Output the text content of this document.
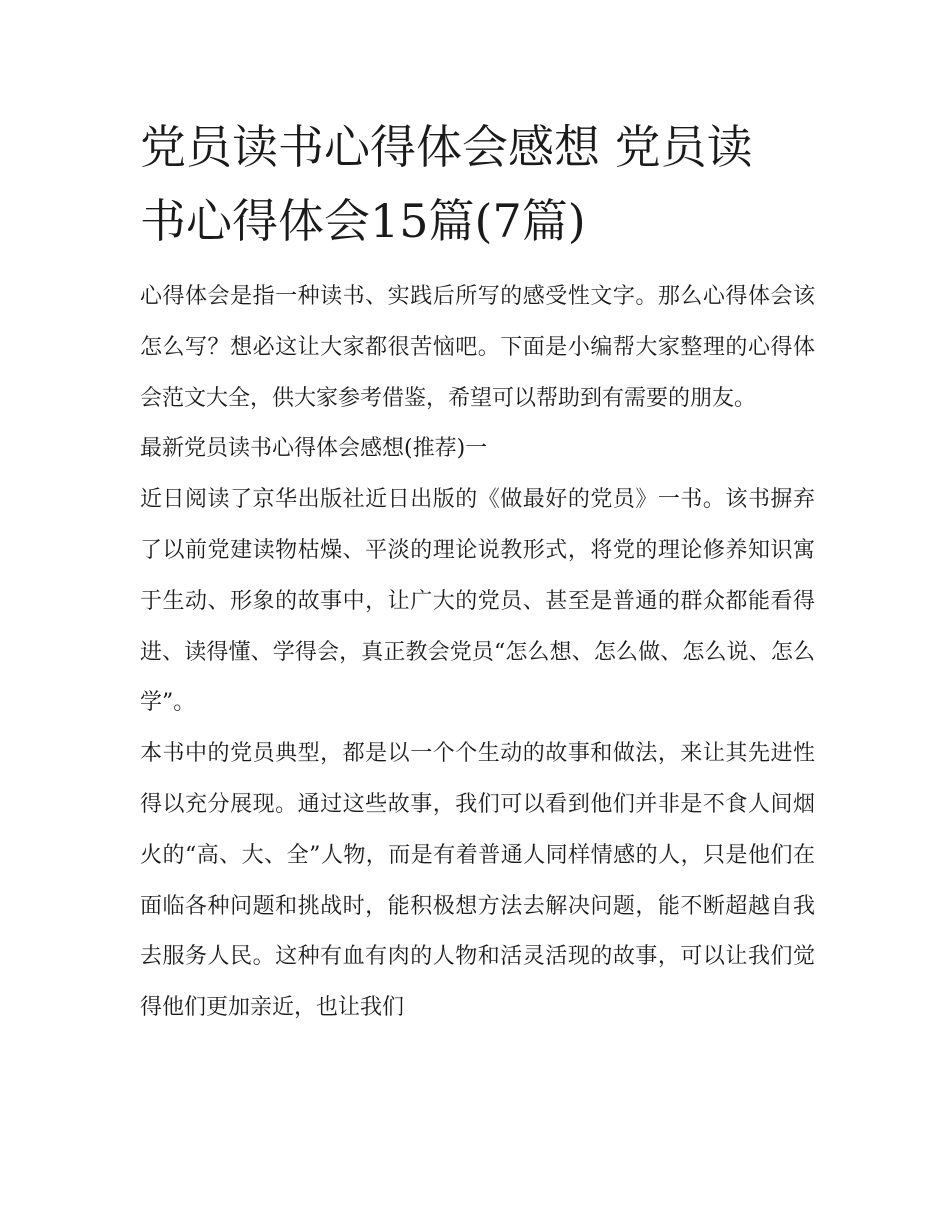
党员读书心得体会感想 党员读
书心得体会15篇(7篇)

心得体会是指一种读书、实践后所写的感受性文字。那么心得体会该怎么写？想必这让大家都很苦恼吧。下面是小编帮大家整理的心得体会范文大全，供大家参考借鉴，希望可以帮助到有需要的朋友。

最新党员读书心得体会感想(推荐)一

近日阅读了京华出版社近日出版的《做最好的党员》一书。该书摒弃了以前党建读物枯燥、平淡的理论说教形式，将党的理论修养知识寓于生动、形象的故事中，让广大的党员、甚至是普通的群众都能看得进、读得懂、学得会，真正教会党员“怎么想、怎么做、怎么说、怎么学”。

本书中的党员典型，都是以一个个生动的故事和做法，来让其先进性得以充分展现。通过这些故事，我们可以看到他们并非是不食人间烟火的“高、大、全”人物，而是有着普通人同样情感的人，只是他们在面临各种问题和挑战时，能积极想方法去解决问题，能不断超越自我去服务人民。这种有血有肉的人物和活灵活现的故事，可以让我们觉得他们更加亲近，也让我们
